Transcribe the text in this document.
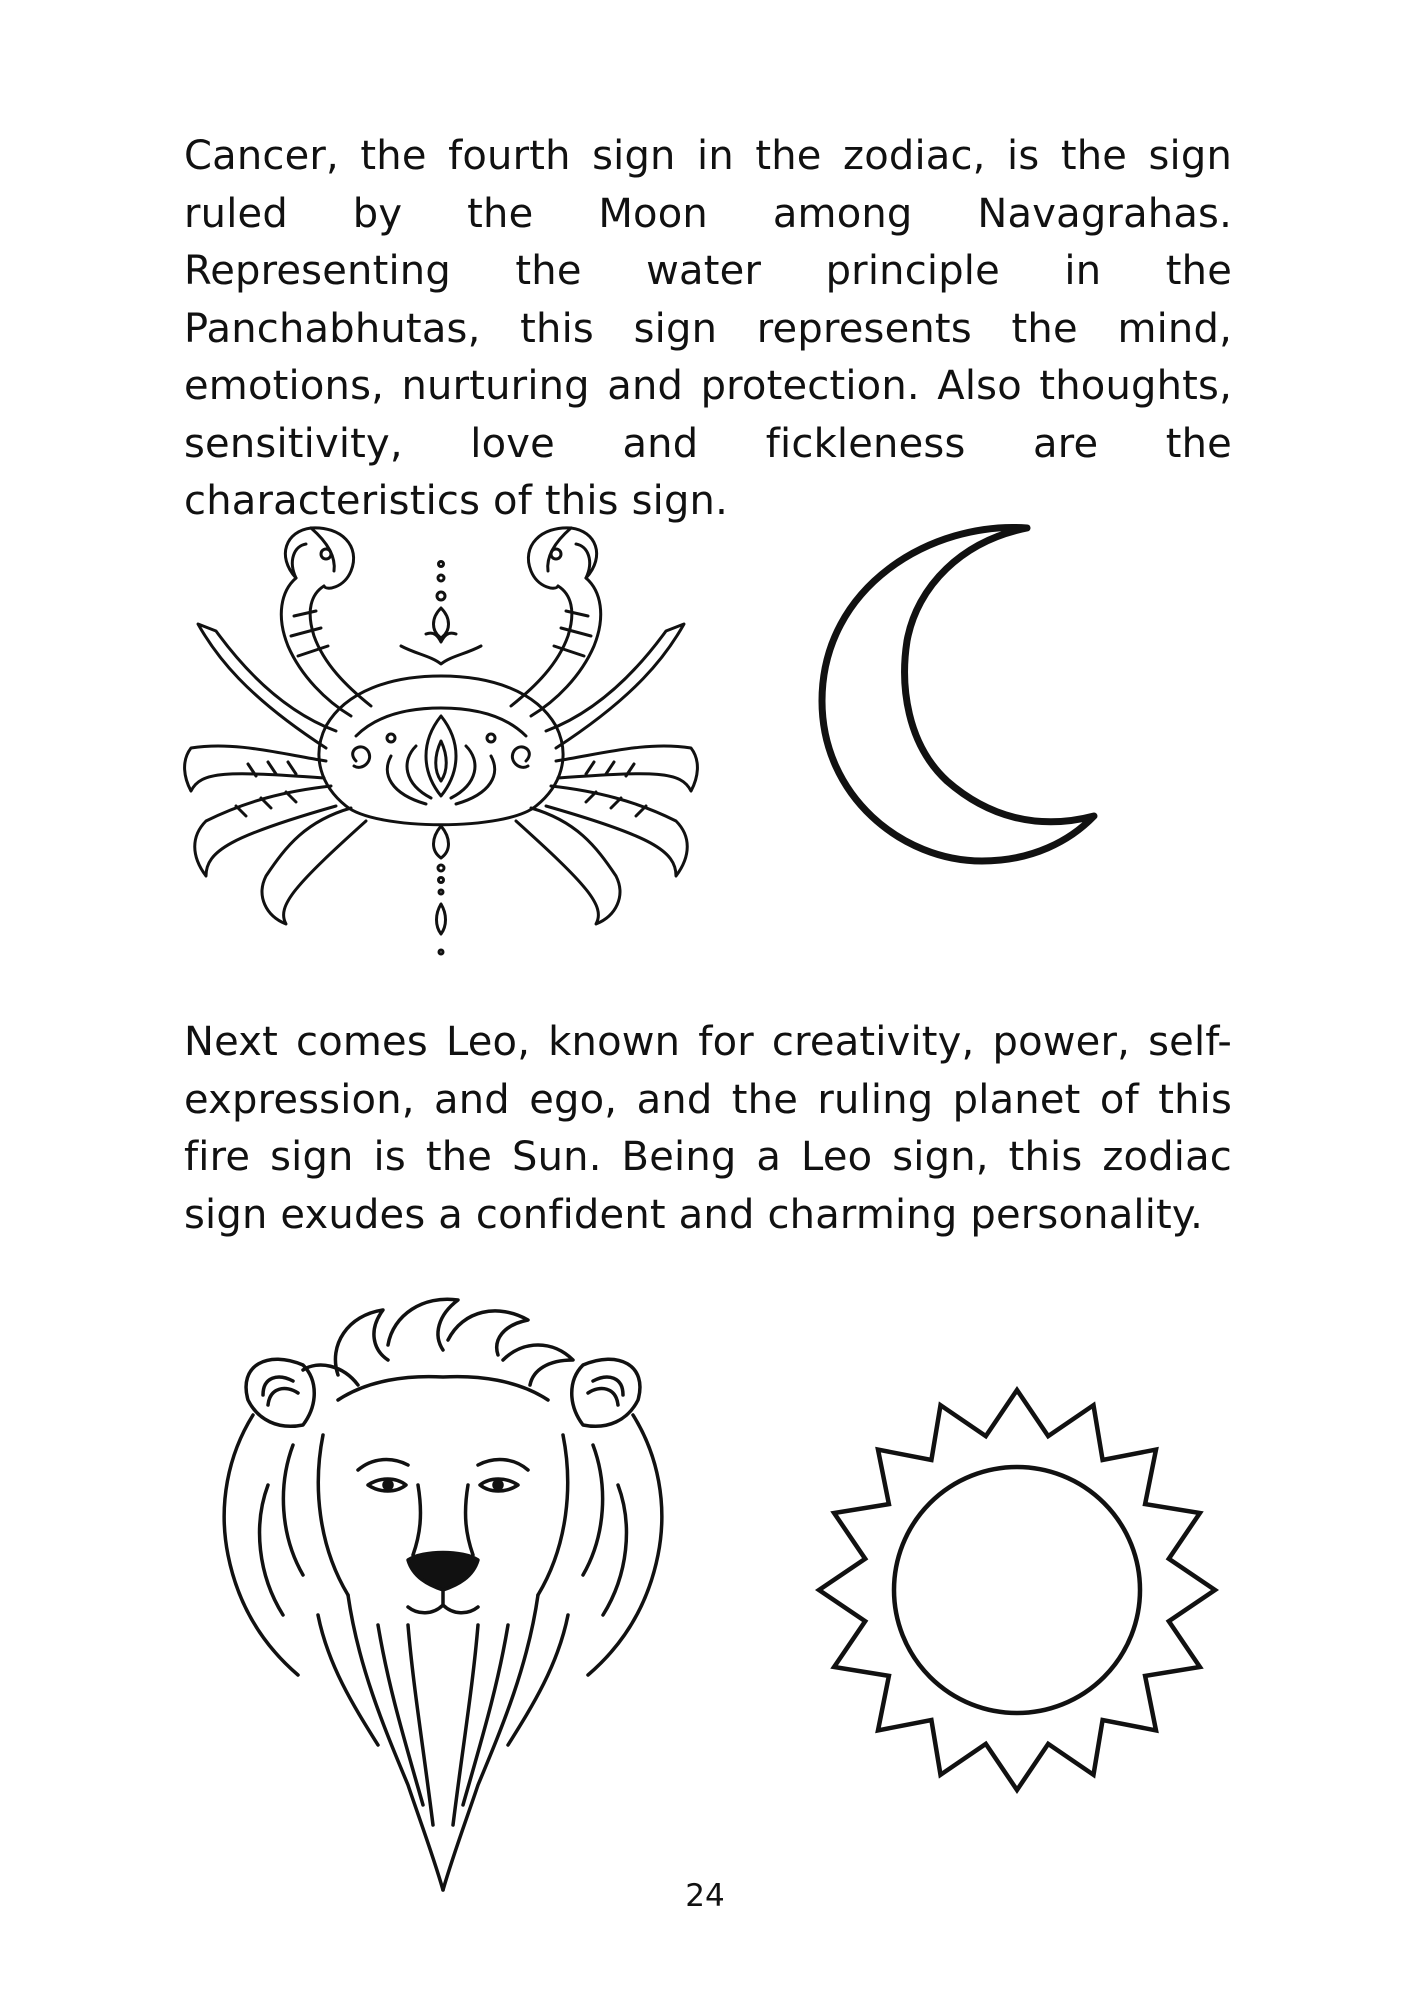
Cancer, the fourth sign in the zodiac, is the sign ruled by the Moon among Navagrahas. Representing the water principle in the Panchabhutas, this sign represents the mind, emotions, nurturing and protection. Also thoughts, sensitivity, love and fickleness are the characteristics of this sign.

Next comes Leo, known for creativity, power, self-expression, and ego, and the ruling planet of this fire sign is the Sun. Being a Leo sign, this zodiac sign exudes a confident and charming personality.

24
